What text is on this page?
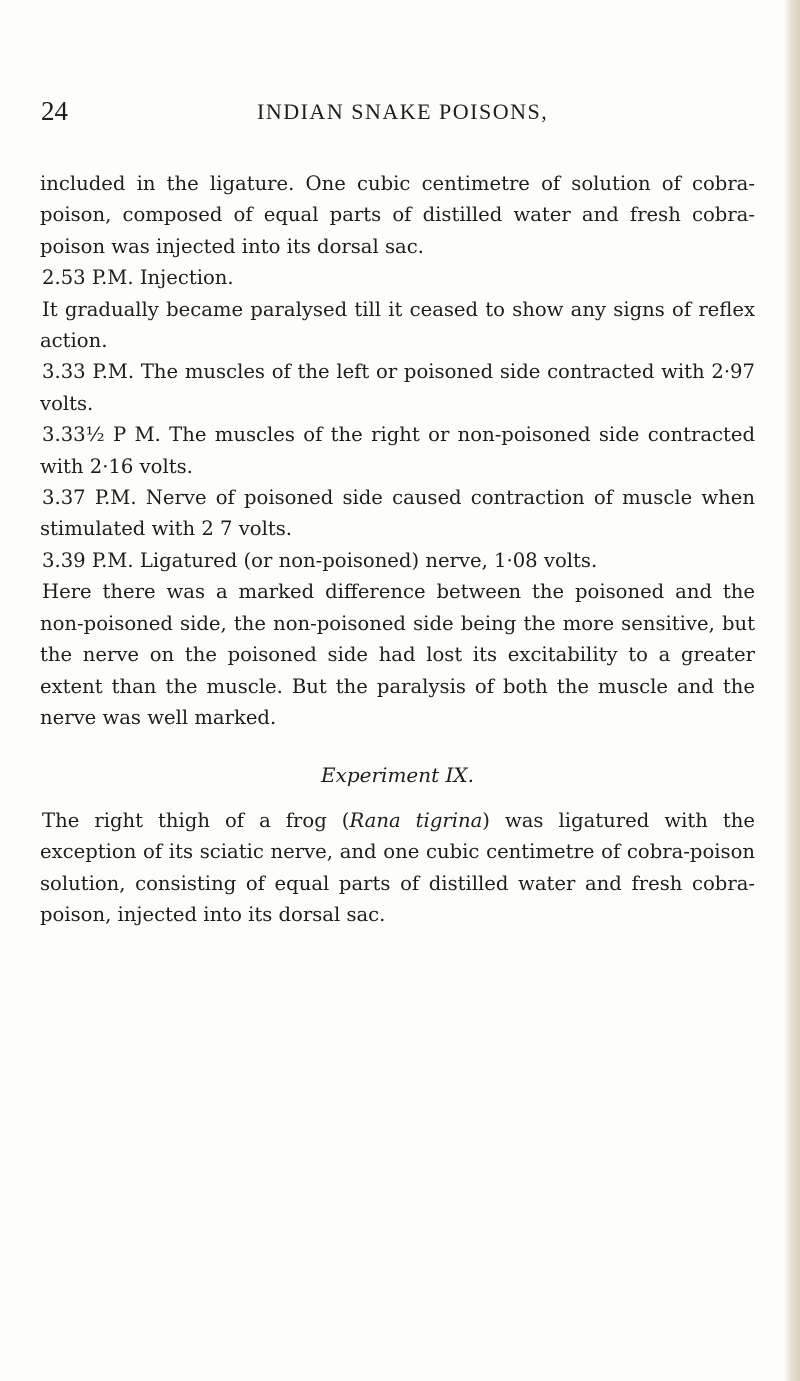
24	INDIAN SNAKE POISONS,

included in the ligature. One cubic centimetre of solution of cobra-poison, composed of equal parts of distilled water and fresh cobra-poison was injected into its dorsal sac.

2.53 P.M. Injection.

It gradually became paralysed till it ceased to show any signs of reflex action.

3.33 P.M. The muscles of the left or poisoned side contracted with 2·97 volts.

3.33½ P M. The muscles of the right or non-poisoned side contracted with 2·16 volts.

3.37 P.M. Nerve of poisoned side caused contraction of muscle when stimulated with 2 7 volts.

3.39 P.M. Ligatured (or non-poisoned) nerve, 1·08 volts.

Here there was a marked difference between the poisoned and the non-poisoned side, the non-poisoned side being the more sensitive, but the nerve on the poisoned side had lost its excitability to a greater extent than the muscle. But the paralysis of both the muscle and the nerve was well marked.

Experiment IX.

The right thigh of a frog (Rana tigrina) was ligatured with the exception of its sciatic nerve, and one cubic centimetre of cobra-poison solution, consisting of equal parts of distilled water and fresh cobra-poison, injected into its dorsal sac.
